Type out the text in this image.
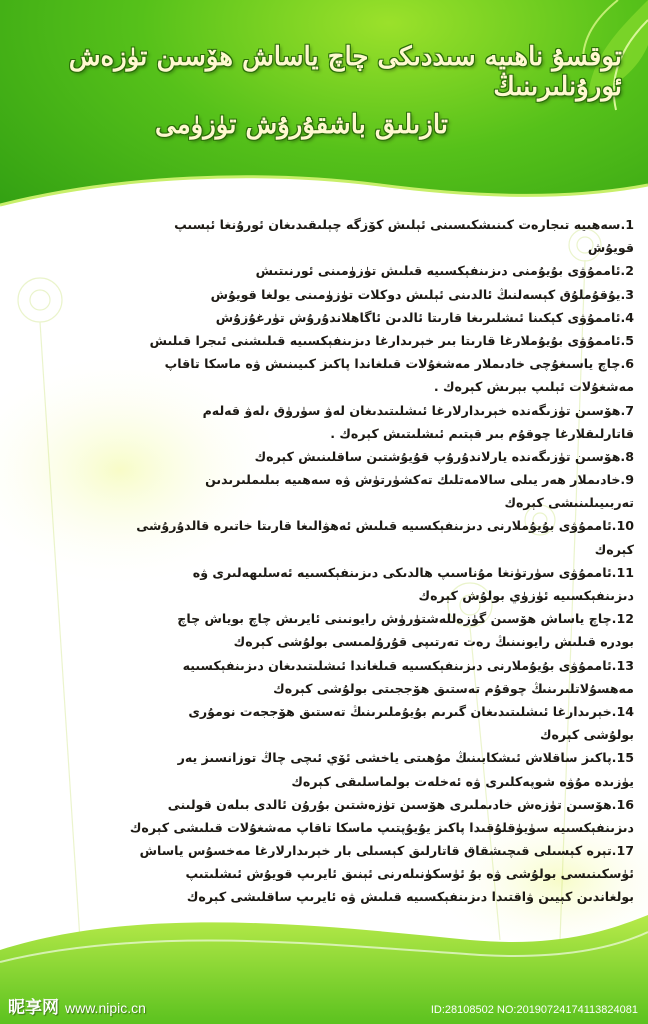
توقسۇ ناھىيە سىددىكى چاچ ياساش ھۆسىن تۈزەش ئورۇنلىرىنىڭ
تازىلىق باشقۇرۇش تۈزۈمى
1.سەھىيە تىجارەت كىنىشكىسىنى ئېلىش كۆزگە چېلىقىدىغان ئورۇنغا ئېسىپ
قويۇش
2.ئاممۇۋى بۇيۇمنى دىزىنفېكسىيە قىلىش تۈزۈمىنى ئورنىتىش
3.يۇقۇملۇق كېسەلنىڭ ئالدىنى ئېلىش دوكلات تۈزۈمىنى يولغا قويۇش
4.ئاممۇۋى كېكىنا ئىشلىرىغا قارىتا ئالدىن ئاگاھلاندۇرۇش تۈرغۇزۇش
5.ئاممۇۋى بۇيۇملارغا قارىتا بىر خېرىدارغا دىزىنفېكسىيە قىلىشنى ئىجرا قىلىش
6.چاچ ياسىغۇچى خادىملار مەشغۇلات قىلغاندا پاكىز كىيىنىش ۋە ماسكا تاقاپ
مەشغۇلات ئېلىپ بېرىش كېرەك .
7.ھۆسىن تۈزىگەندە خېرىدارلارغا ئىشلىتىدىغان لەۋ سۈرۈق ،لەۋ قەلەم
قاتارلىقلارغا چوقۇم بىر قېتىم ئىشلىتىش كېرەك .
8.ھۆسىن تۈزىگەندە يارلاندۇرۇپ قۇيۇشتىن ساقلىنىش كېرەك
9.خادىملار ھەر يىلى سالامەتلىك تەكشۈرتۈش ۋە سەھىيە بىلىملىرىدىن
تەربىيىلىنىشى كېرەك
10.ئاممۇۋى بۇيۇملارنى دىزىنفېكسىيە قىلىش ئەھۋالىغا قارىتا خاتىرە قالدۇرۇشى
كېرەك
11.ئاممۇۋى سۈرتۈنغا مۇناسىپ ھالدىكى دىزىنفېكسىيە ئەسلىھەلىرى ۋە
دىزىنفېكسىيە ئۈزۈي بولۇش كېرەك
12.چاچ ياساش ھۆسىن گۈزەللەشتۈرۈش رايونىنى ئايرىش چاچ بوياش چاچ
بودرە قىلىش رايونىنىڭ رەت تەرتىپى قۇرۇلمىسى بولۇشى كېرەك
13.ئاممۇۋى بۇيۇملارنى دىزىنفېكسىيە قىلغاندا ئىشلىتىدىغان دىزىنفېكسىيە
مەھسۇلاتلىرىنىڭ چوقۇم تەستىق ھۆججىتى بولۇشى كېرەك
14.خېرىدارغا ئىشلىتىدىغان گىرىم بۇيۇملىرىنىڭ تەستىق ھۆججەت نومۇرى
بولۇشى كېرەك
15.پاكىز ساقلاش ئىشكابىنىڭ مۇھىتى ياخشى ئۆي ئىچى چاڭ توزانسىز يەر
يۈزىدە مۇۋە شوپەكلىرى ۋە ئەخلەت بولماسلىقى كېرەك
16.ھۆسىن تۈزەش خادىملىرى ھۆسىن تۈزەشتىن بۇرۇن ئالدى بىلەن قولىنى
دىزىنفېكسىيە سۈيۈقلۇقىدا پاكىز يۇيۇپتىپ ماسكا تاقاپ مەشغۇلات قىلىشى كېرەك
17.تېرە كېسىلى قىچىشقاق قاتارلىق كېسىلى بار خېرىدارلارغا مەخسۇس ياساش
ئۈسكىنىسى بولۇشى ۋە بۇ ئۈسكۈنىلەرنى ئېنىق ئايرىپ قويۇش ئىشلىتىپ
بولغاندىن كېيىن ۋاقتىدا دىزىنفېكسىيە قىلىش ۋە ئايرىپ ساقلىشى كېرەك
昵享网 www.nipic.cn	ID:28108502 NO:20190724174113824081
